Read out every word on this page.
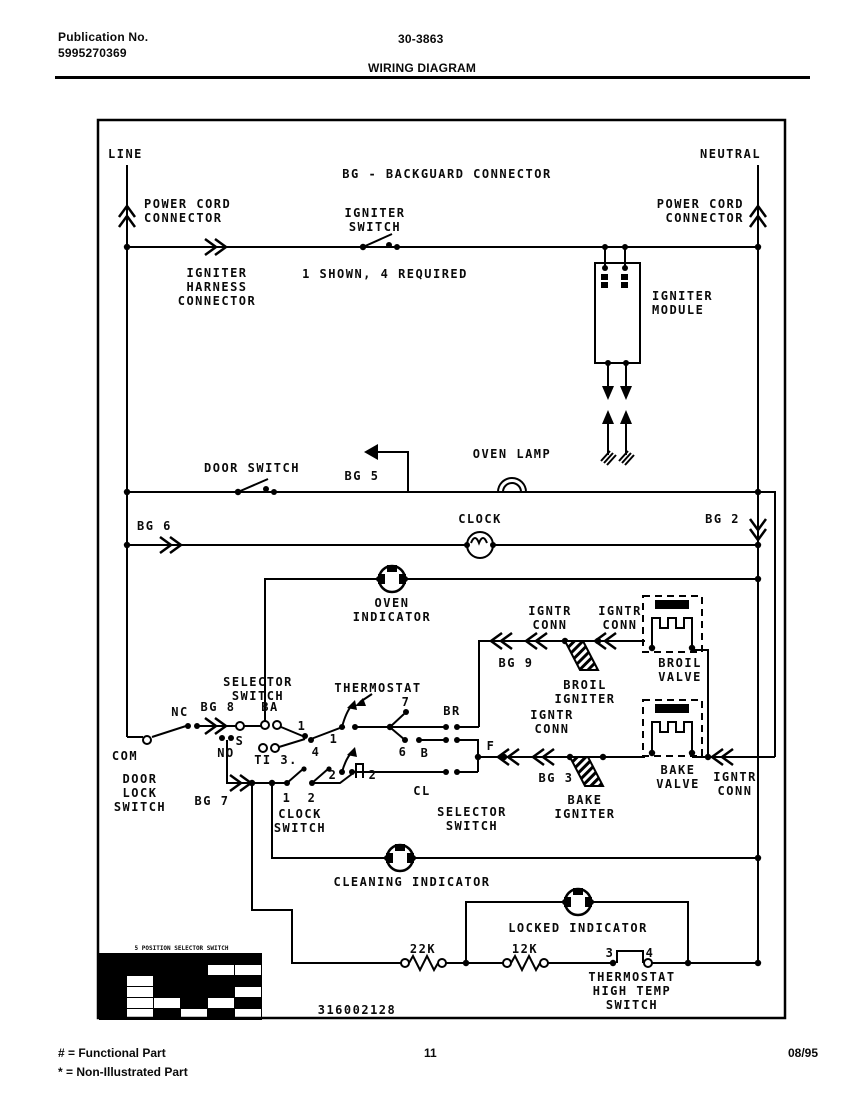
Publication No.
5995270369
30-3863
WIRING DIAGRAM
LINE	NEUTRAL
BG - BACKGUARD CONNECTOR
POWER CORD
CONNECTOR
POWER CORD
CONNECTOR
IGNITER
SWITCH
IGNITER
HARNESS
CONNECTOR
1 SHOWN, 4 REQUIRED
IGNITER
MODULE
DOOR SWITCH
BG 5
OVEN LAMP
BG 6	CLOCK	BG 2
OVEN
INDICATOR	IGNTR
CONN
IGNTR
CONN
BG 9
BROIL
IGNITER
BROIL
VALVE
SELECTOR
SWITCH
THERMOSTAT
NC BG 8 BA
COM
S
NO TI 3.
1
4
DOOR
LOCK
SWITCH BG 7	1 2
CLOCK
SWITCH
1
2	2
7
6 B
BR
F
CL
IGNTR
CONN
BG 3
BAKE
IGNITER
BAKE
VALVE IGNTR
CONN
SELECTOR
SWITCH
CLEANING INDICATOR
LOCKED INDICATOR
22K	12K	3	4
THERMOSTAT
HIGH TEMP
SWITCH
316002128
5 POSITION SELECTOR SWITCH

# = Functional Part
* = Non-Illustrated Part
11	08/95
